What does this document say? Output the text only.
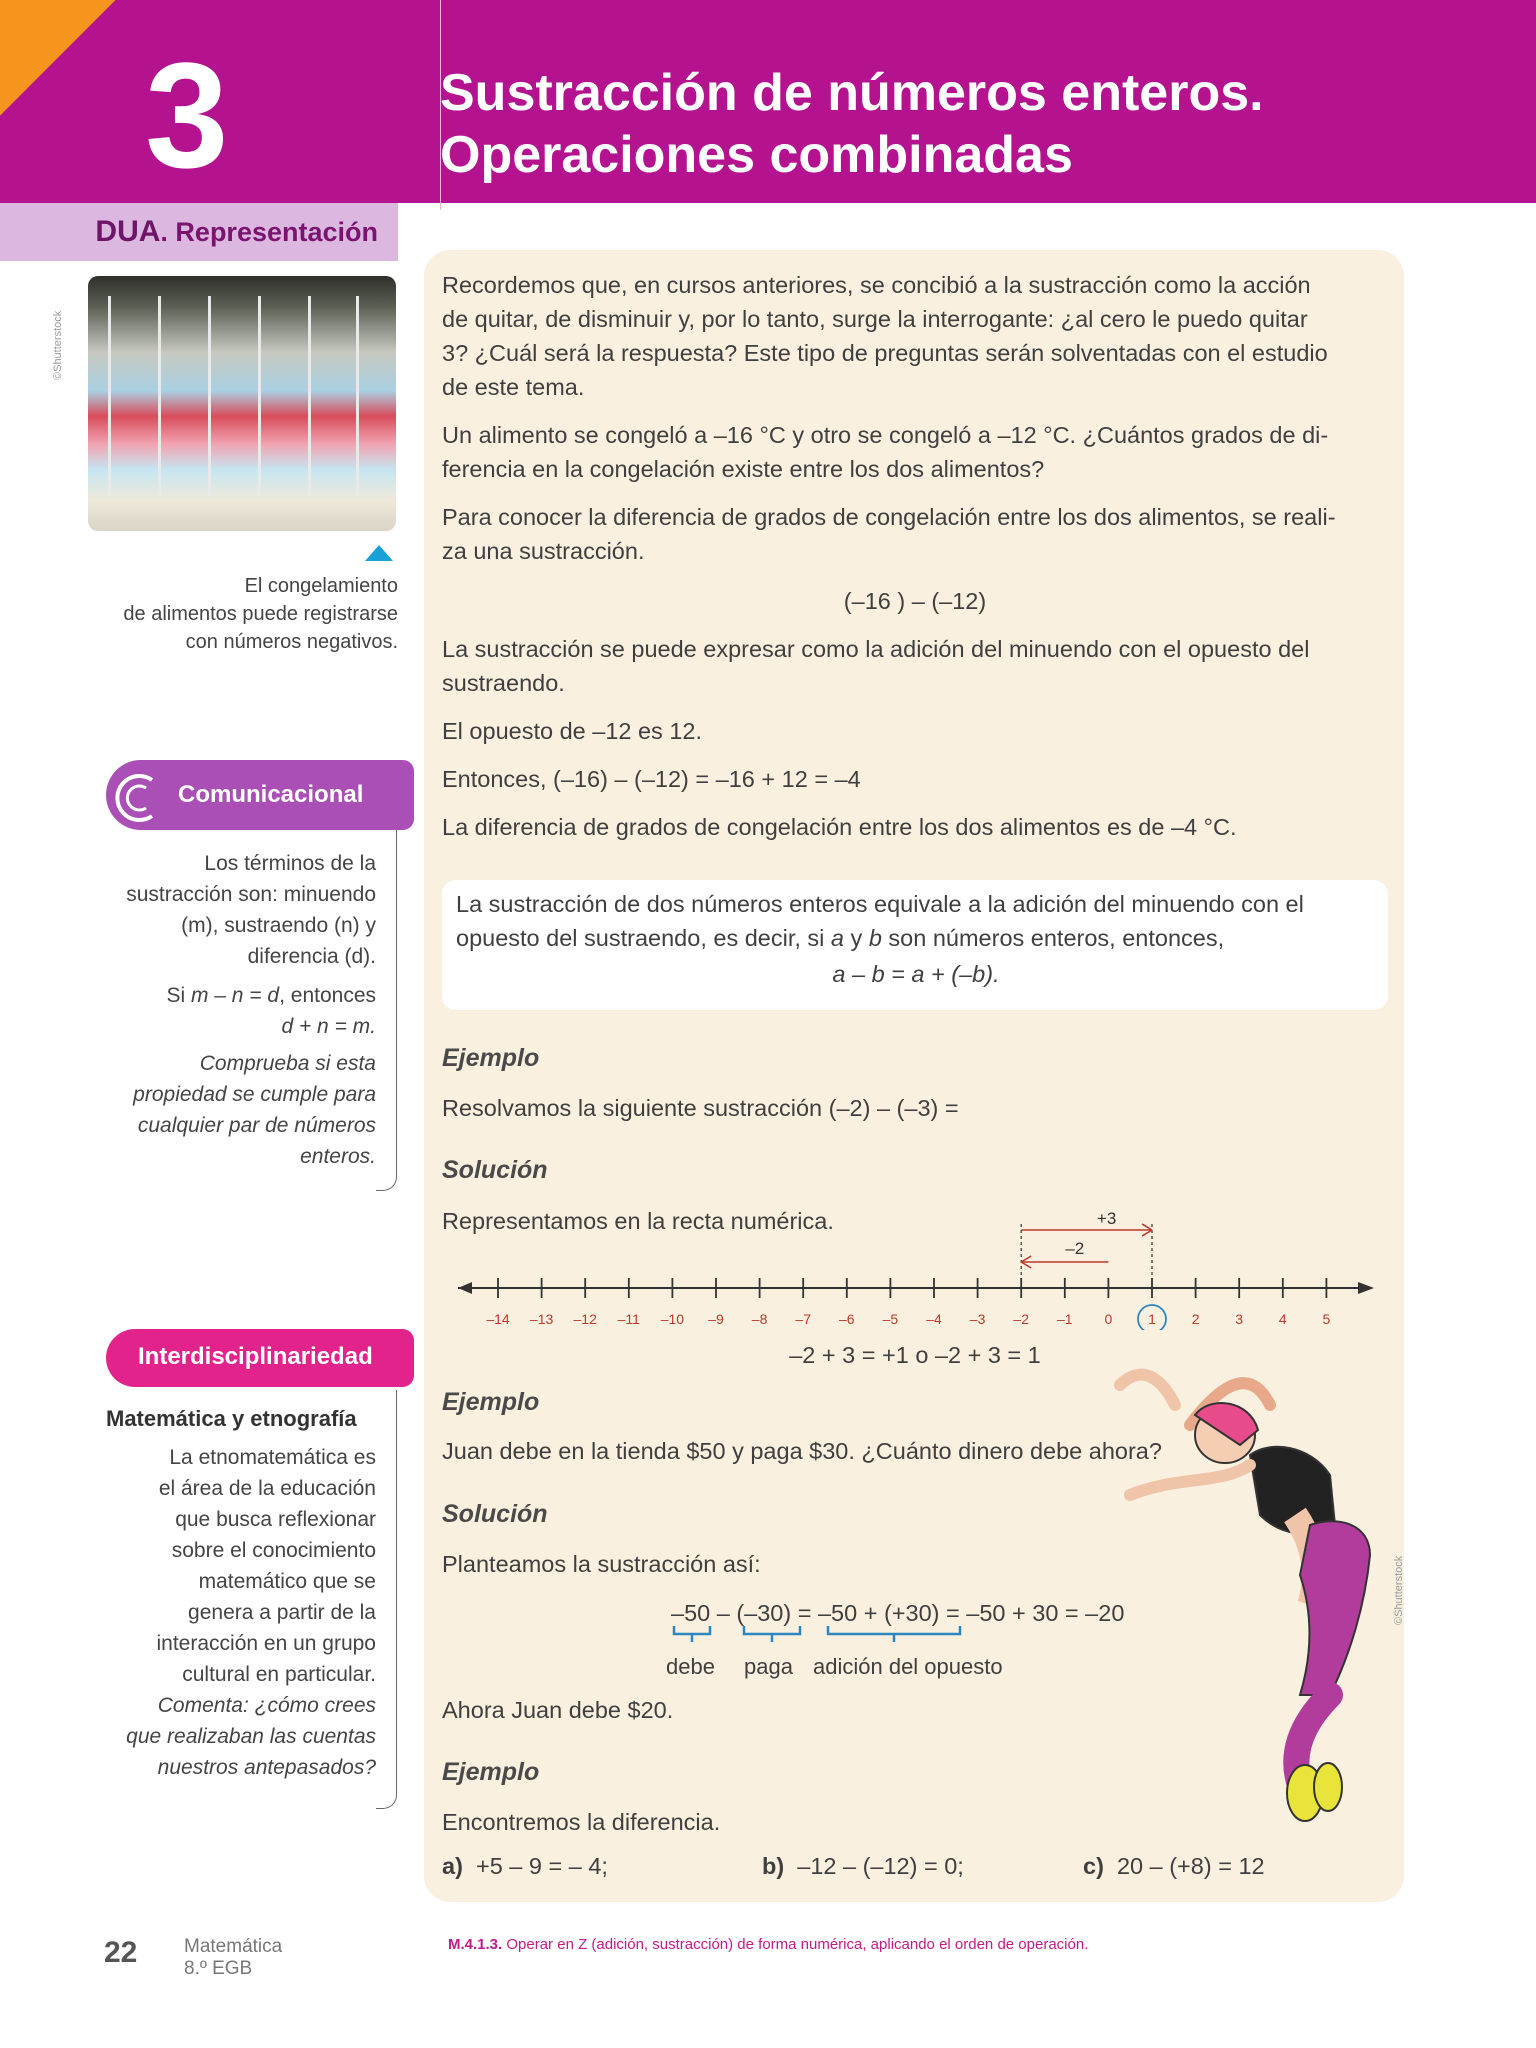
3	Sustracción de números enteros.
Operaciones combinadas
DUA. Representación
©Shutterstock
El congelamiento
de alimentos puede registrarse
con números negativos.
Comunicacional
Los términos de la
sustracción son: minuendo
(m), sustraendo (n) y
diferencia (d).
Si m – n = d, entonces
d + n = m.
Comprueba si esta
propiedad se cumple para
cualquier par de números
enteros.
Interdisciplinariedad
Matemática y etnografía
La etnomatemática es
el área de la educación
que busca reflexionar
sobre el conocimiento
matemático que se
genera a partir de la
interacción en un grupo
cultural en particular.
Comenta: ¿cómo crees
que realizaban las cuentas
nuestros antepasados?
Recordemos que, en cursos anteriores, se concibió a la sustracción como la acción
de quitar, de disminuir y, por lo tanto, surge la interrogante: ¿al cero le puedo quitar
3? ¿Cuál será la respuesta? Este tipo de preguntas serán solventadas con el estudio
de este tema.
Un alimento se congeló a –16 °C y otro se congeló a –12 °C. ¿Cuántos grados de di-
ferencia en la congelación existe entre los dos alimentos?
Para conocer la diferencia de grados de congelación entre los dos alimentos, se reali-
za una sustracción.
(–16 ) – (–12)
La sustracción se puede expresar como la adición del minuendo con el opuesto del
sustraendo.
El opuesto de –12 es 12.
Entonces, (–16) – (–12) = –16 + 12 = –4
La diferencia de grados de congelación entre los dos alimentos es de –4 °C.
La sustracción de dos números enteros equivale a la adición del minuendo con el
opuesto del sustraendo, es decir, si a y b son números enteros, entonces,
a – b = a + (–b).
Ejemplo
Resolvamos la siguiente sustracción (–2) – (–3) =
Solución
Representamos en la recta numérica.
–14 –13 –12 –11 –10 –9 –8 –7 –6 –5 –4 –3 –2 –1 0	1	2	3	4	5
+3
–2
–2 + 3 = +1 o –2 + 3 = 1
Ejemplo
Juan debe en la tienda $50 y paga $30. ¿Cuánto dinero debe ahora?
Solución
Planteamos la sustracción así:
–50 – (–30) = –50 + (+30) = –50 + 30 = –20
debe paga adición del opuesto
Ahora Juan debe $20.
Ejemplo
Encontremos la diferencia.
a) +5 – 9 = – 4;	b) –12 – (–12) = 0;	c) 20 – (+8) = 12
©Shutterstock
22 Matemática
8.º EGB
M.4.1.3. Operar en Z (adición, sustracción) de forma numérica, aplicando el orden de operación.
